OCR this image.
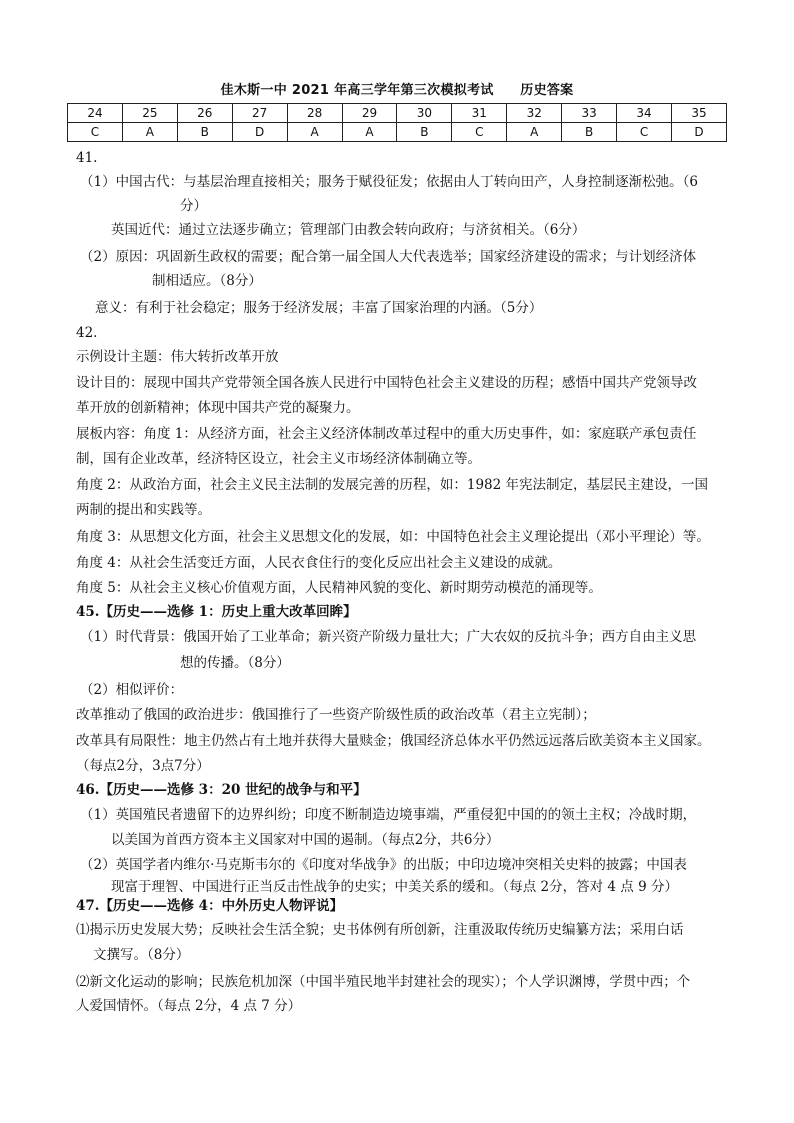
佳木斯一中 2021 年高三学年第三次模拟考试　　历史答案
24	25	26	27	28	29	30	31	32	33	34	35
C	A	B	D	A	A	B	C	A	B	C	D
41.
（1）中国古代：与基层治理直接相关；服务于赋役征发；依据由人丁转向田产，人身控制逐渐松弛。（6
分）
英国近代：通过立法逐步确立；管理部门由教会转向政府；与济贫相关。（6分）
（2）原因：巩固新生政权的需要；配合第一届全国人大代表选举；国家经济建设的需求；与计划经济体
制相适应。（8分）
意义：有利于社会稳定；服务于经济发展；丰富了国家治理的内涵。（5分）
42.
示例设计主题：伟大转折改革开放
设计目的：展现中国共产党带领全国各族人民进行中国特色社会主义建设的历程；感悟中国共产党领导改
革开放的创新精神；体现中国共产党的凝聚力。
展板内容：角度 1：从经济方面，社会主义经济体制改革过程中的重大历史事件，如：家庭联产承包责任
制，国有企业改革，经济特区设立，社会主义市场经济体制确立等。
角度 2：从政治方面，社会主义民主法制的发展完善的历程，如：1982 年宪法制定，基层民主建设，一国
两制的提出和实践等。
角度 3：从思想文化方面，社会主义思想文化的发展，如：中国特色社会主义理论提出（邓小平理论）等。
角度 4：从社会生活变迁方面，人民衣食住行的变化反应出社会主义建设的成就。
角度 5：从社会主义核心价值观方面，人民精神风貌的变化、新时期劳动模范的涌现等。
45.【历史——选修 1：历史上重大改革回眸】
（1）时代背景：俄国开始了工业革命；新兴资产阶级力量壮大；广大农奴的反抗斗争；西方自由主义思
想的传播。（8分）
（2）相似评价：
改革推动了俄国的政治进步：俄国推行了一些资产阶级性质的政治改革（君主立宪制）；
改革具有局限性：地主仍然占有土地并获得大量赎金；俄国经济总体水平仍然远远落后欧美资本主义国家。
（每点2分，3点7分）
46.【历史——选修 3：20 世纪的战争与和平】
（1）英国殖民者遗留下的边界纠纷；印度不断制造边境事端，严重侵犯中国的的领土主权；冷战时期，
以美国为首西方资本主义国家对中国的遏制。（每点2分，共6分）
（2）英国学者内维尔·马克斯韦尔的《印度对华战争》的出版；中印边境冲突相关史料的披露；中国表
现富于理智、中国进行正当反击性战争的史实；中美关系的缓和。（每点 2分，答对 4 点 9 分）
47.【历史——选修 4：中外历史人物评说】
⑴揭示历史发展大势；反映社会生活全貌；史书体例有所创新，注重汲取传统历史编纂方法；采用白话
文撰写。（8分）
⑵新文化运动的影响；民族危机加深（中国半殖民地半封建社会的现实）；个人学识渊博，学贯中西；个
人爱国情怀。（每点 2分，4 点 7 分）
